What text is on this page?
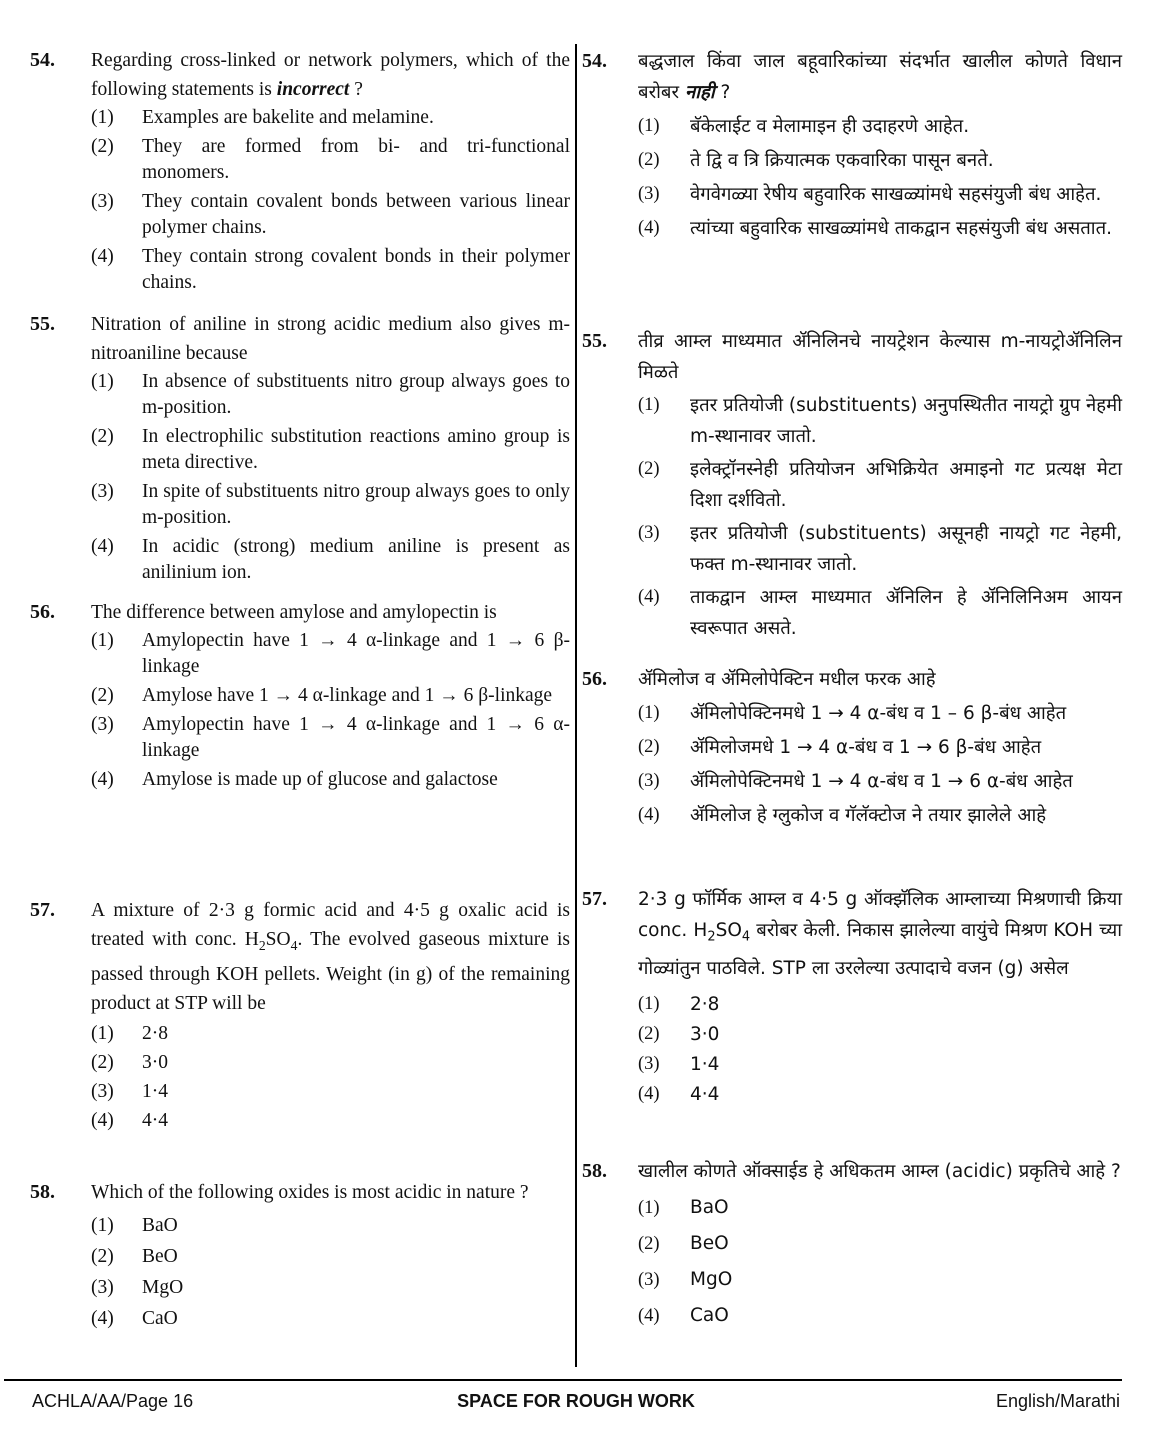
54. Regarding cross-linked or network polymers, which of the following statements is incorrect ?
(1) Examples are bakelite and melamine.
(2) They are formed from bi- and tri-functional monomers.
(3) They contain covalent bonds between various linear polymer chains.
(4) They contain strong covalent bonds in their polymer chains.
55. Nitration of aniline in strong acidic medium also gives m-nitroaniline because
(1) In absence of substituents nitro group always goes to m-position.
(2) In electrophilic substitution reactions amino group is meta directive.
(3) In spite of substituents nitro group always goes to only m-position.
(4) In acidic (strong) medium aniline is present as anilinium ion.
56. The difference between amylose and amylopectin is
(1) Amylopectin have 1 → 4 α-linkage and 1 → 6 β-linkage
(2) Amylose have 1 → 4 α-linkage and 1 → 6 β-linkage
(3) Amylopectin have 1 → 4 α-linkage and 1 → 6 α-linkage
(4) Amylose is made up of glucose and galactose
57. A mixture of 2·3 g formic acid and 4·5 g oxalic acid is treated with conc. $H_2SO_4$. The evolved gaseous mixture is passed through KOH pellets. Weight (in g) of the remaining product at STP will be
(1) 2·8
(2) 3·0
(3) 1·4
(4) 4·4
58. Which of the following oxides is most acidic in nature ?
(1) BaO
(2) BeO
(3) MgO
(4) CaO
54. बद्धजाल किंवा जाल बहूवारिकांच्या संदर्भात खालील कोणते विधान बरोबर नाही ?
(1) बॅकेलाईट व मेलामाइन ही उदाहरणे आहेत.
(2) ते द्वि व त्रि क्रियात्मक एकवारिका पासून बनते.
(3) वेगवेगळ्या रेषीय बहुवारिक साखळ्यांमधे सहसंयुजी बंध आहेत.
(4) त्यांच्या बहुवारिक साखळ्यांमधे ताकद्वान सहसंयुजी बंध असतात.
55. तीव्र आम्ल माध्यमात ॲनिलिनचे नायट्रेशन केल्यास m-नायट्रोॲनिलिन मिळते
(1) इतर प्रतियोजी (substituents) अनुपस्थितीत नायट्रो ग्रुप नेहमी m-स्थानावर जातो.
(2) इलेक्ट्रॉनस्नेही प्रतियोजन अभिक्रियेत अमाइनो गट प्रत्यक्ष मेटा दिशा दर्शवितो.
(3) इतर प्रतियोजी (substituents) असूनही नायट्रो गट नेहमी, फक्त m-स्थानावर जातो.
(4) ताकद्वान आम्ल माध्यमात ॲनिलिन हे ॲनिलिनिअम आयन स्वरूपात असते.
56. ॲमिलोज व ॲमिलोपेक्टिन मधील फरक आहे
(1) ॲमिलोपेक्टिनमधे 1 → 4 α-बंध व 1 – 6 β-बंध आहेत
(2) ॲमिलोजमधे 1 → 4 α-बंध व 1 → 6 β-बंध आहेत
(3) ॲमिलोपेक्टिनमधे 1 → 4 α-बंध व 1 → 6 α-बंध आहेत
(4) ॲमिलोज हे ग्लुकोज व गॅलॅक्टोज ने तयार झालेले आहे
57. 2·3 g फॉर्मिक आम्ल व 4·5 g ऑक्झॅलिक आम्लाच्या मिश्रणाची क्रिया conc. $H_2SO_4$ बरोबर केली. निकास झालेल्या वायुंचे मिश्रण KOH च्या गोळ्यांतुन पाठविले. STP ला उरलेल्या उत्पादाचे वजन (g) असेल
(1) 2·8
(2) 3·0
(3) 1·4
(4) 4·4
58. खालील कोणते ऑक्साईड हे अधिकतम आम्ल (acidic) प्रकृतिचे आहे ?
(1) BaO
(2) BeO
(3) MgO
(4) CaO
ACHLA/AA/Page 16	SPACE FOR ROUGH WORK	English/Marathi
